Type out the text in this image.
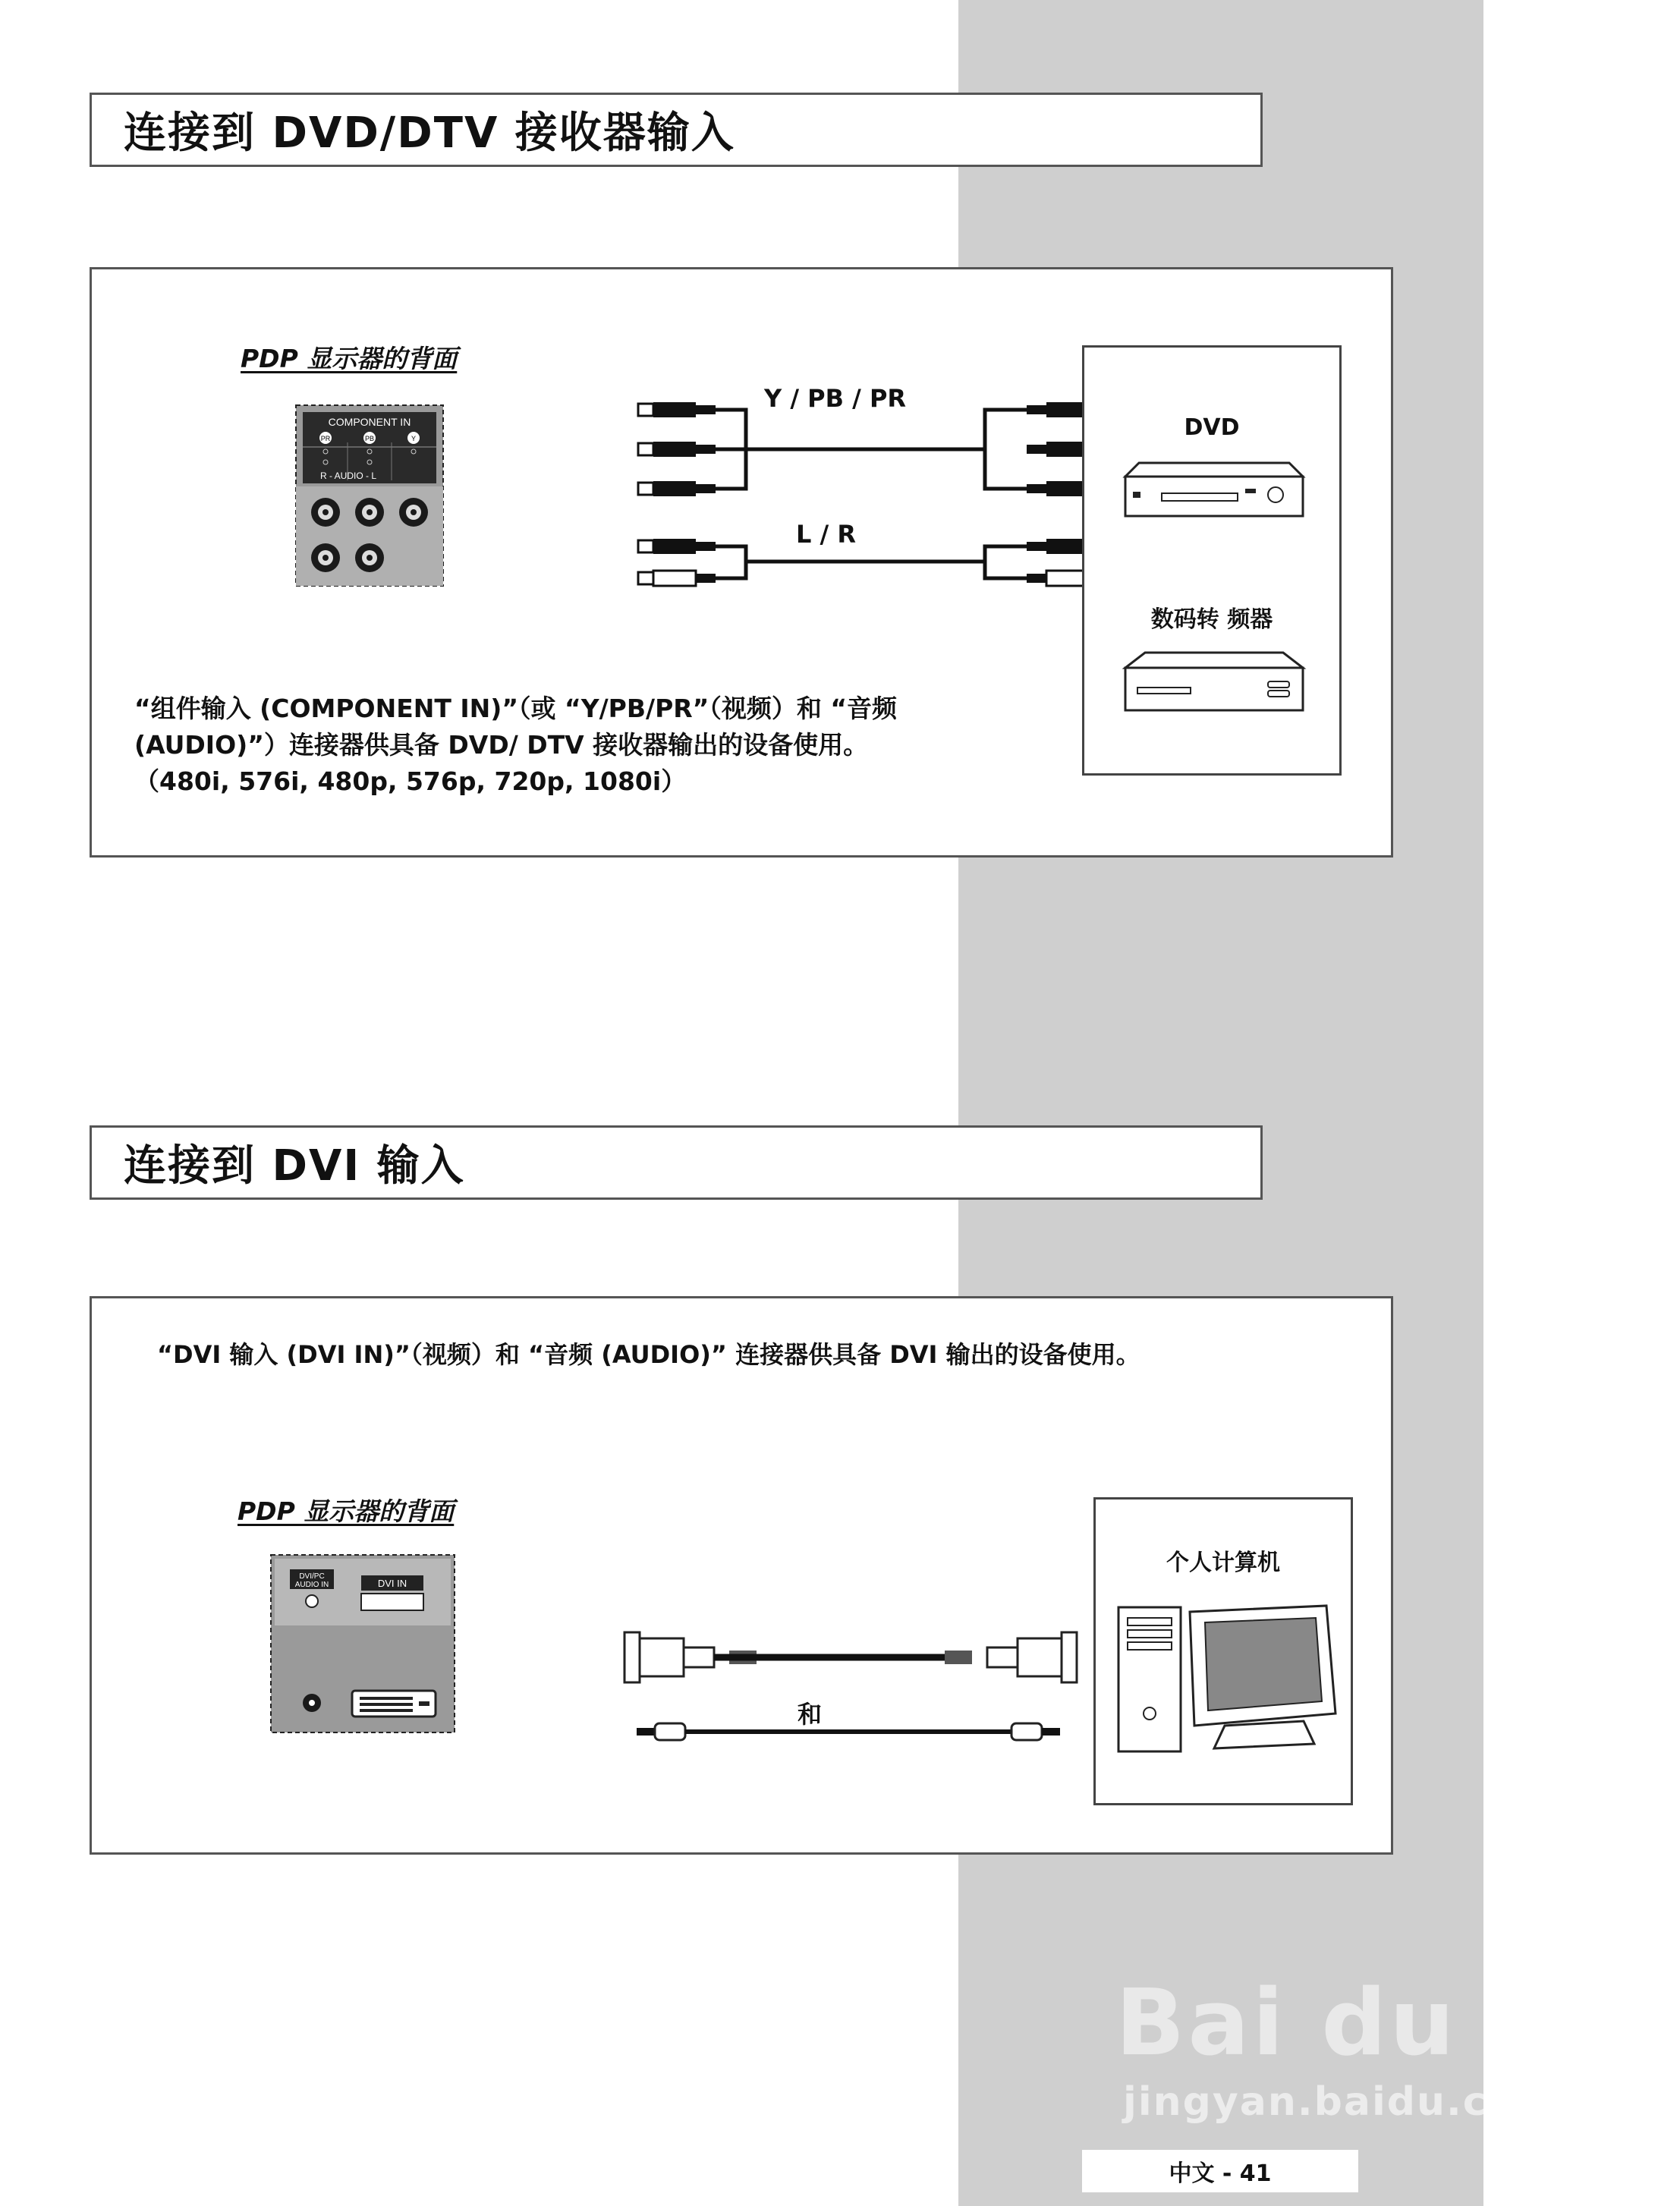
连接到 DVD/DTV 接收器输入
PDP 显示器的背面
COMPONENT IN
PR	PB	Y
R - AUDIO - L
Y / PB / PR
L / R
DVD
数码转 频器
“组件输入 (COMPONENT IN)”（或 “Y/PB/PR”（视频）和 “音频
(AUDIO)”）连接器供具备 DVD/ DTV 接收器输出的设备使用。
（480i, 576i, 480p, 576p, 720p, 1080i）
连接到 DVI 输入
“DVI 输入 (DVI IN)”（视频）和 “音频 (AUDIO)” 连接器供具备 DVI 输出的设备使用。
PDP 显示器的背面
DVI/PC
AUDIO IN	DVI IN
和
个人计算机
Bai du 经验
jingyan.baidu.com
中文 - 41
